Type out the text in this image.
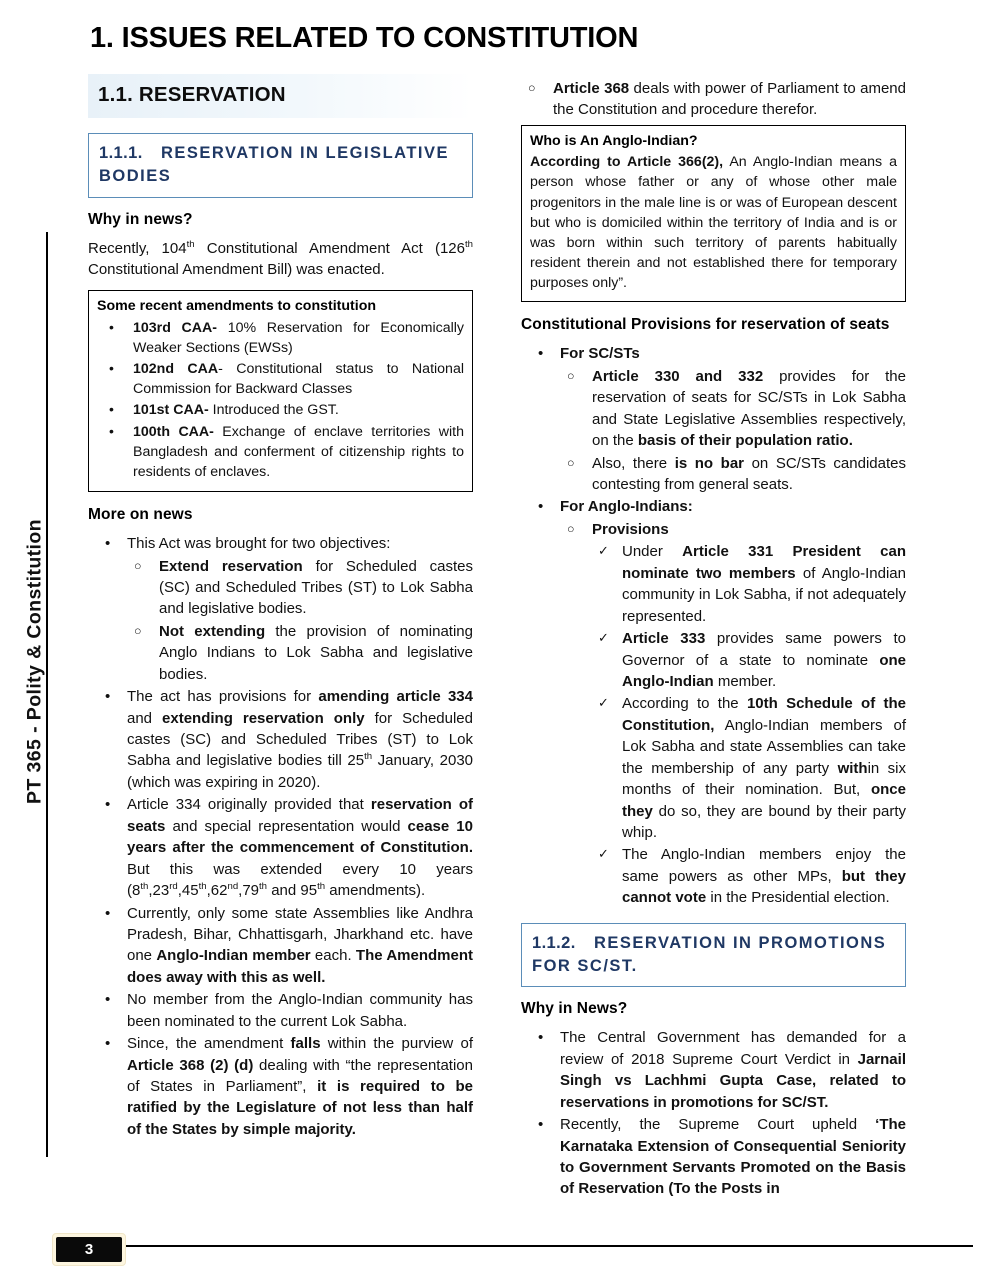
PT 365 - Polity & Constitution
1. ISSUES RELATED TO CONSTITUTION
1.1. RESERVATION
1.1.1. RESERVATION IN LEGISLATIVE BODIES
Why in news?

Recently, 104th Constitutional Amendment Act (126th Constitutional Amendment Bill) was enacted.

Some recent amendments to constitution
• 103rd CAA- 10% Reservation for Economically Weaker Sections (EWSs)
• 102nd CAA- Constitutional status to National Commission for Backward Classes
• 101st CAA- Introduced the GST.
• 100th CAA- Exchange of enclave territories with Bangladesh and conferment of citizenship rights to residents of enclaves.
More on news
• This Act was brought for two objectives:
○ Extend reservation for Scheduled castes (SC) and Scheduled Tribes (ST) to Lok Sabha and legislative bodies.
○ Not extending the provision of nominating Anglo Indians to Lok Sabha and legislative bodies.
• The act has provisions for amending article 334 and extending reservation only for Scheduled castes (SC) and Scheduled Tribes (ST) to Lok Sabha and legislative bodies till 25th January, 2030 (which was expiring in 2020).
• Article 334 originally provided that reservation of seats and special representation would cease 10 years after the commencement of Constitution. But this was extended every 10 years (8th,23rd,45th,62nd,79th and 95th amendments).
• Currently, only some state Assemblies like Andhra Pradesh, Bihar, Chhattisgarh, Jharkhand etc. have one Anglo-Indian member each. The Amendment does away with this as well.
• No member from the Anglo-Indian community has been nominated to the current Lok Sabha.
• Since, the amendment falls within the purview of Article 368 (2) (d) dealing with “the representation of States in Parliament”, it is required to be ratified by the Legislature of not less than half of the States by simple majority.
○ Article 368 deals with power of Parliament to amend the Constitution and procedure therefor.
Who is An Anglo-Indian?

According to Article 366(2), An Anglo-Indian means a person whose father or any of whose other male progenitors in the male line is or was of European descent but who is domiciled within the territory of India and is or was born within such territory of parents habitually resident therein and not established there for temporary purposes only”.

Constitutional Provisions for reservation of seats
• For SC/STs
○ Article 330 and 332 provides for the reservation of seats for SC/STs in Lok Sabha and State Legislative Assemblies respectively, on the basis of their population ratio.
○ Also, there is no bar on SC/STs candidates contesting from general seats.
• For Anglo-Indians:
○ Provisions
✓ Under Article 331 President can nominate two members of Anglo-Indian community in Lok Sabha, if not adequately represented.
✓ Article 333 provides same powers to Governor of a state to nominate one Anglo-Indian member.
✓ According to the 10th Schedule of the Constitution, Anglo-Indian members of Lok Sabha and state Assemblies can take the membership of any party within six months of their nomination. But, once they do so, they are bound by their party whip.
✓ The Anglo-Indian members enjoy the same powers as other MPs, but they cannot vote in the Presidential election.
1.1.2. RESERVATION IN PROMOTIONS FOR SC/ST.
Why in News?
• The Central Government has demanded for a review of 2018 Supreme Court Verdict in Jarnail Singh vs Lachhmi Gupta Case, related to reservations in promotions for SC/ST.
• Recently, the Supreme Court upheld ‘The Karnataka Extension of Consequential Seniority to Government Servants Promoted on the Basis of Reservation (To the Posts in
3
